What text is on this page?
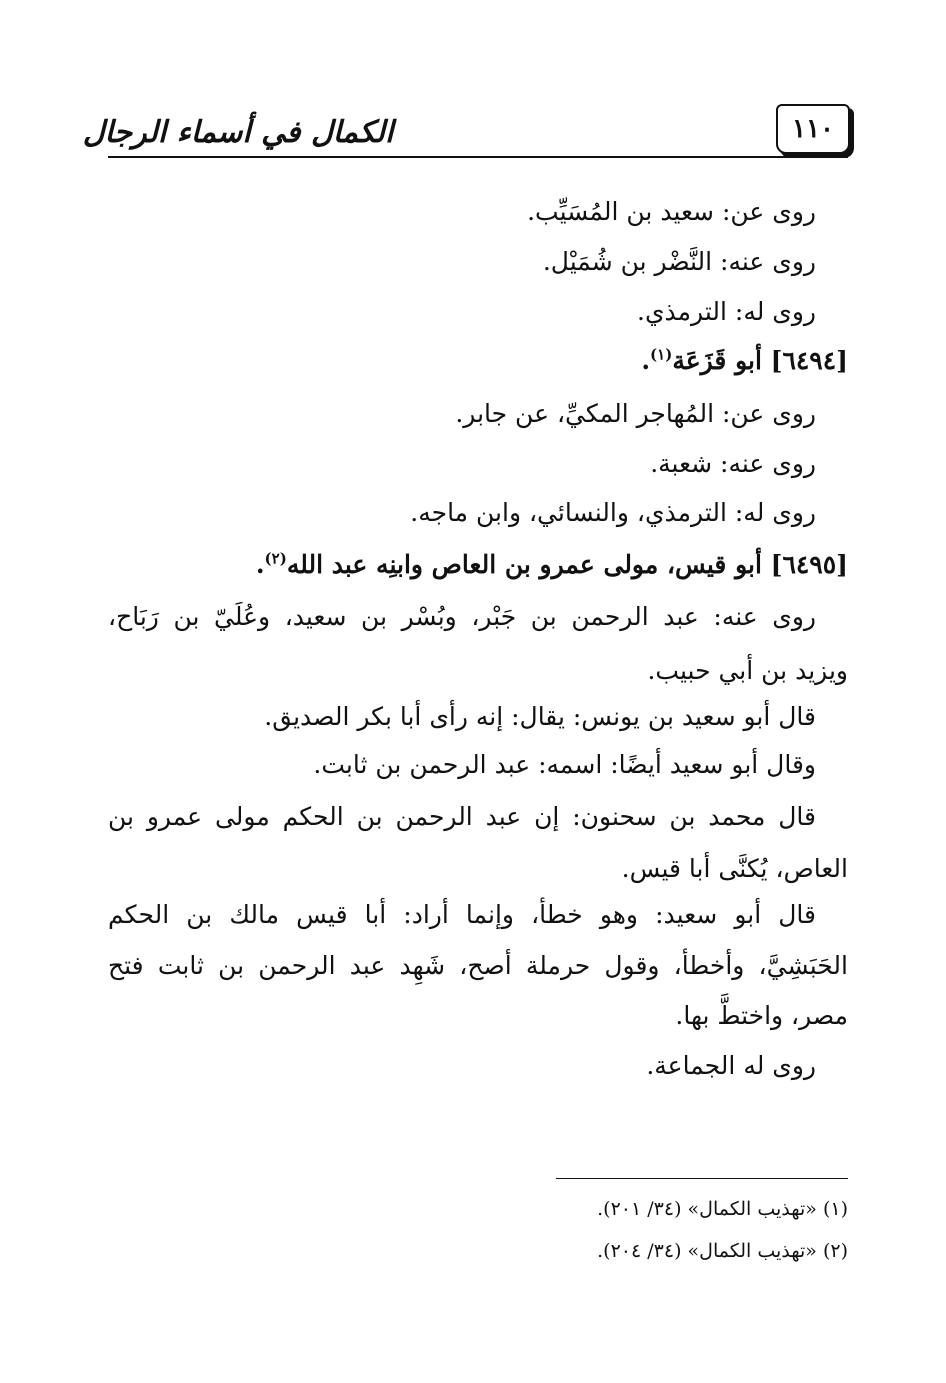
١١٠
الكمال في أسماء الرجال
روى عن: سعيد بن المُسَيِّب.
روى عنه: النَّضْر بن شُمَيْل.
روى له: الترمذي.
[٦٤٩٤] أبو قَزَعَة$^{(١)}$.
روى عن: المُهاجر المكيِّ، عن جابر.
روى عنه: شعبة.
روى له: الترمذي، والنسائي، وابن ماجه.
[٦٤٩٥] أبو قيس، مولى عمرو بن العاص وابنِه عبد الله$^{(٢)}$.
روى عنه: عبد الرحمن بن جَبْر، وبُسْر بن سعيد، وعُلَيّ بن رَبَاح،
ويزيد بن أبي حبيب.
قال أبو سعيد بن يونس: يقال: إنه رأى أبا بكر الصديق.
وقال أبو سعيد أيضًا: اسمه: عبد الرحمن بن ثابت.
قال محمد بن سحنون: إن عبد الرحمن بن الحكم مولى عمرو بن
العاص، يُكنَّى أبا قيس.
قال أبو سعيد: وهو خطأ، وإنما أراد: أبا قيس مالك بن الحكم
الحَبَشِيَّ، وأخطأ، وقول حرملة أصح، شَهِد عبد الرحمن بن ثابت فتح
مصر، واختطَّ بها.
روى له الجماعة.
(١) «تهذيب الكمال» (٣٤/ ٢٠١).
(٢) «تهذيب الكمال» (٣٤/ ٢٠٤).
